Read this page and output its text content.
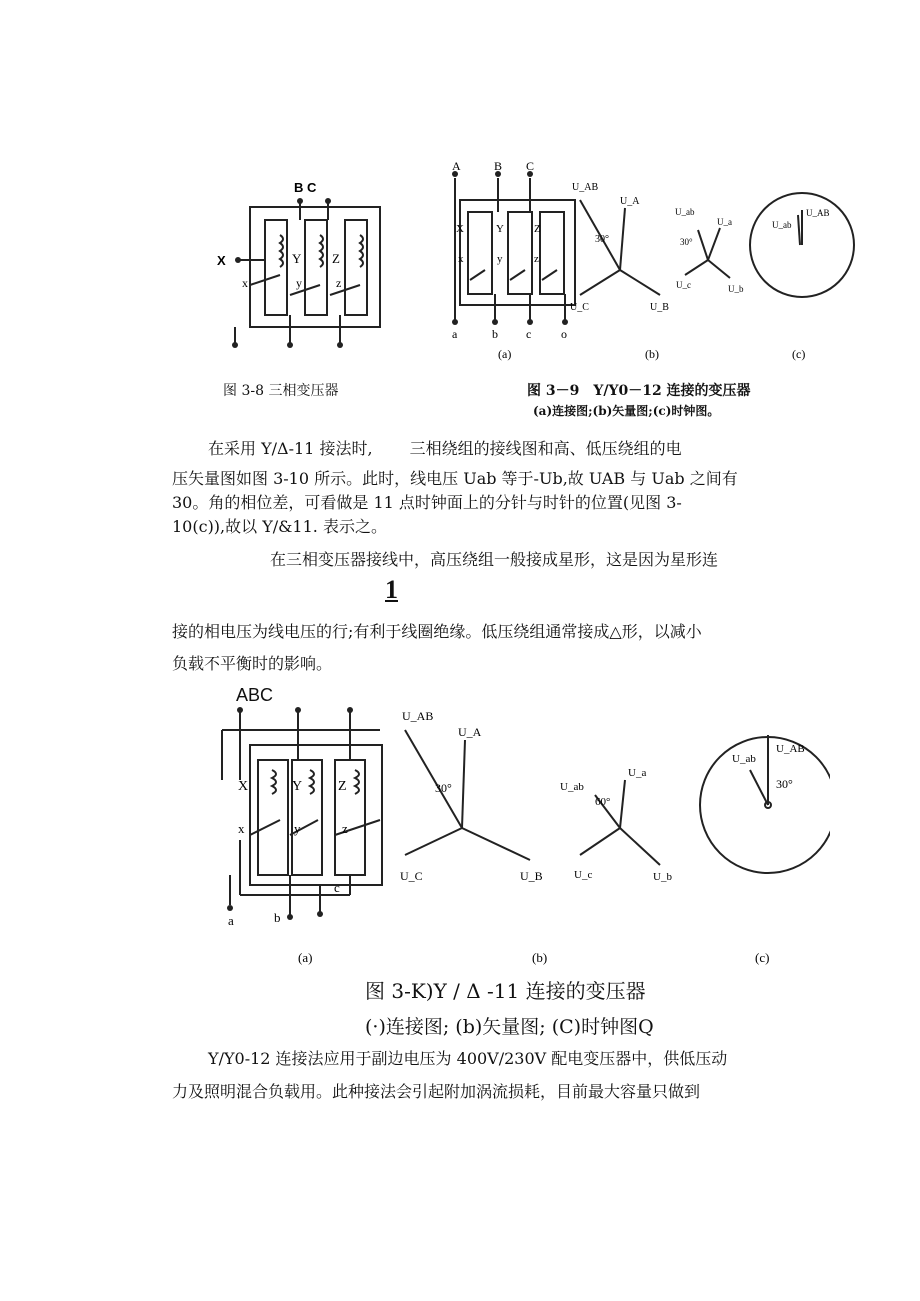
B C
X	Y Z
x	y	z
图 3-8 三相变压器
A	B C
a	b c o
X	Y	Z
x	y	z
U_AB
U_A
30°
U_C	U_B
U_ab
U_a
30°
U_c	U_b
U_ab
U_AB
(a)	(b)	(c)
图 3－9　Y/Y0－12 连接的变压器
(a)连接图;(b)矢量图;(c)时钟图。
在采用 Y/Δ-11 接法时,　　 三相绕组的接线图和高、低压绕组的电
压矢量图如图 3-10 所示。此时，线电压 Uab 等于-Ub,故 UAB 与 Uab 之间有
30。角的相位差，可看做是 11 点时钟面上的分针与时针的位置(见图 3-
10(c)),故以 Y/&11. 表示之。
在三相变压器接线中，高压绕组一般接成星形，这是因为星形连
1
接的相电压为线电压的行;有利于线圈绝缘。低压绕组通常接成△形，以减小
负载不平衡时的影响。
ABC
X	Y	Z
x	y	z
a	b
c
U_AB
U_A
30°
U_C	U_B
U_a
U_ab
60°
U_c	U_b
U_ab
U_AB
30°
(a)	(b)	(c)
图 3-K)Y / Δ -11 连接的变压器
(·)连接图; (b)矢量图; (C)时钟图Q
Y/Y0-12 连接法应用于副边电压为 400V/230V 配电变压器中，供低压动
力及照明混合负载用。此种接法会引起附加涡流损耗，目前最大容量只做到
